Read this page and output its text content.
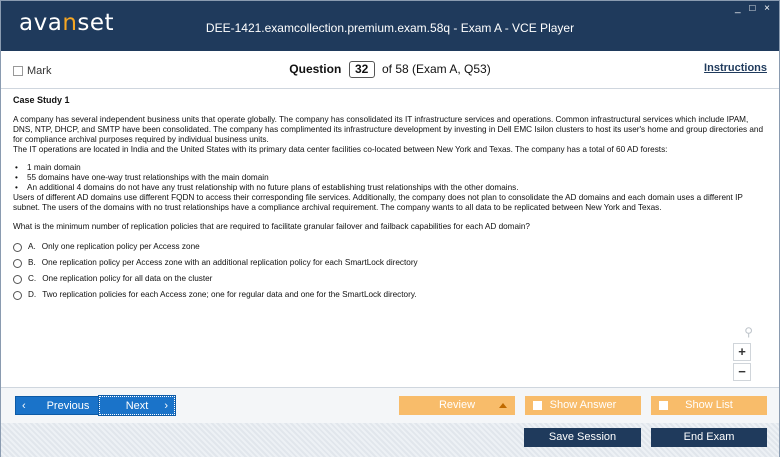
avanset	DEE-1421.examcollection.premium.exam.58q - Exam A - VCE Player
_ □ ×
Mark	Question 32 of 58 (Exam A, Q53)	Instructions
Case Study 1
A company has several independent business units that operate globally. The company has consolidated its IT infrastructure services and operations. Common infrastructural services which include IPAM, DNS, NTP, DHCP, and SMTP have been consolidated. The company has complimented its infrastructure development by investing in Dell EMC Isilon clusters to host its user's home and group directories and for compliance archival purposes required by individual business units.
The IT operations are located in India and the United States with its primary data center facilities co-located between New York and Texas. The company has a total of 60 AD forests:
• 1 main domain
• 55 domains have one-way trust relationships with the main domain
• An additional 4 domains do not have any trust relationship with no future plans of establishing trust relationships with the other domains.
Users of different AD domains use different FQDN to access their corresponding file services. Additionally, the company does not plan to consolidate the AD domains and each domain uses a different IP subnet. The users of the domains with no trust relationships have a compliance archival requirement. The company wants to all data to be replicated between New York and Texas.
What is the minimum number of replication policies that are required to facilitate granular failover and failback capabilities for each AD domain?
A. Only one replication policy per Access zone
B. One replication policy per Access zone with an additional replication policy for each SmartLock directory
C. One replication policy for all data on the cluster
D. Two replication policies for each Access zone; one for regular data and one for the SmartLock directory.
⚲
+
−
‹ Previous	Next ›	Review	Show Answer	Show List
Save Session	End Exam
